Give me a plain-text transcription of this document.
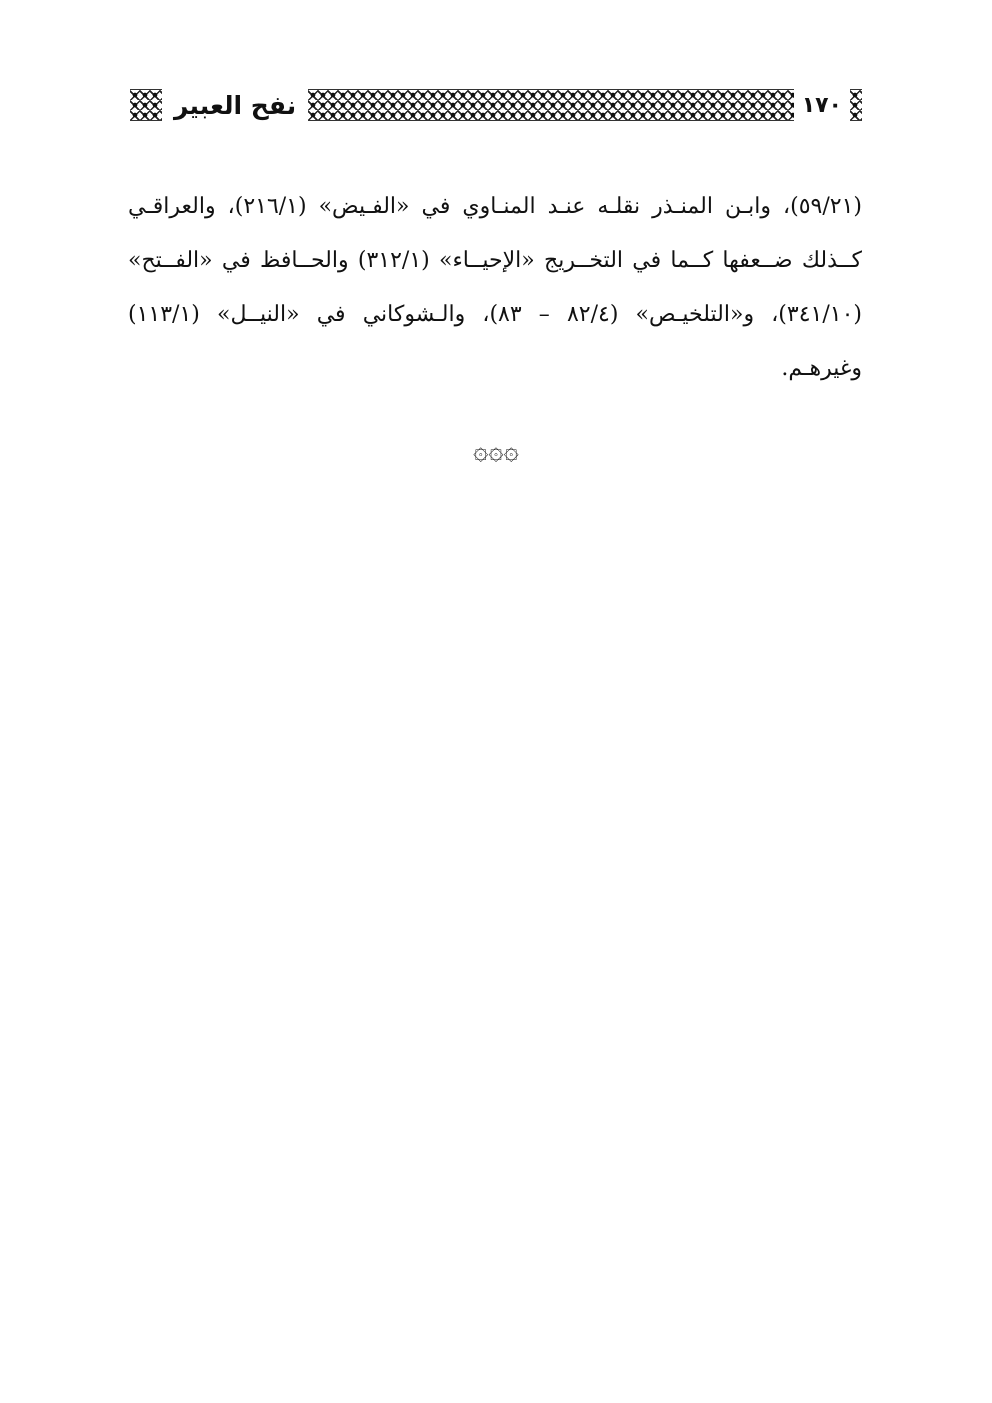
١٧٠
نفح العبير
(٥٩/٢١)، وابـن المنـذر نقلـه عنـد المنـاوي في «الفـيض» (٢١٦/١)، والعراقـي
كــذلك ضــعفها كــما في التخــريج «الإحيــاء» (٣١٢/١) والحــافظ في «الفــتح»
(٣٤١/١٠)، و«التلخيـص» (٨٢/٤ – ٨٣)، والـشوكاني في «النيــل» (١١٣/١)
وغيرهـم.
۞۞۞
